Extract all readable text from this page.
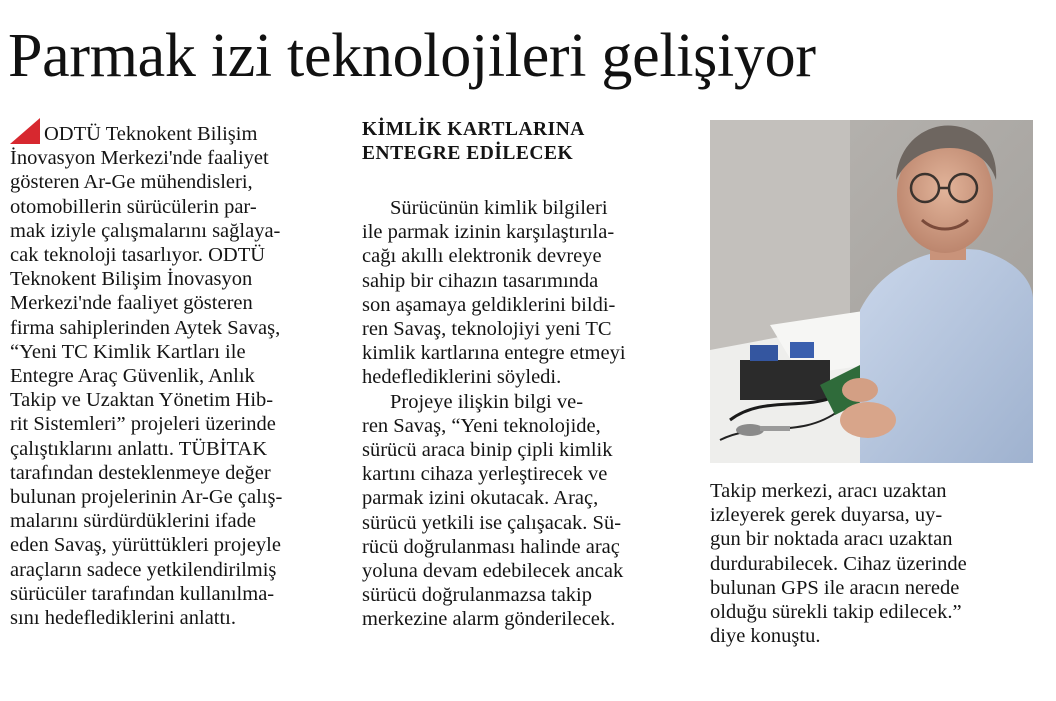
Parmak izi teknolojileri gelişiyor

ODTÜ Teknokent Bilişim
İnovasyon Merkezi'nde faaliyet
gösteren Ar-Ge mühendisleri,
otomobillerin sürücülerin par-
mak iziyle çalışmalarını sağlaya-
cak teknoloji tasarlıyor. ODTÜ
Teknokent Bilişim İnovasyon
Merkezi'nde faaliyet gösteren
firma sahiplerinden Aytek Savaş,
“Yeni TC Kimlik Kartları ile
Entegre Araç Güvenlik, Anlık
Takip ve Uzaktan Yönetim Hib-
rit Sistemleri” projeleri üzerinde
çalıştıklarını anlattı. TÜBİTAK
tarafından desteklenmeye değer
bulunan projelerinin Ar-Ge çalış-
malarını sürdürdüklerini ifade
eden Savaş, yürüttükleri projeyle
araçların sadece yetkilendirilmiş
sürücüler tarafından kullanılma-
sını hedeflediklerini anlattı.

KİMLİK KARTLARINA
ENTEGRE EDİLECEK

Sürücünün kimlik bilgileri
ile parmak izinin karşılaştırıla-
cağı akıllı elektronik devreye
sahip bir cihazın tasarımında
son aşamaya geldiklerini bildi-
ren Savaş, teknolojiyi yeni TC
kimlik kartlarına entegre etmeyi
hedeflediklerini söyledi.

Projeye ilişkin bilgi ve-
ren Savaş, “Yeni teknolojide,
sürücü araca binip çipli kimlik
kartını cihaza yerleştirecek ve
parmak izini okutacak. Araç,
sürücü yetkili ise çalışacak. Sü-
rücü doğrulanması halinde araç
yoluna devam edebilecek ancak
sürücü doğrulanmazsa takip
merkezine alarm gönderilecek.

Takip merkezi, aracı uzaktan
izleyerek gerek duyarsa, uy-
gun bir noktada aracı uzaktan
durdurabilecek. Cihaz üzerinde
bulunan GPS ile aracın nerede
olduğu sürekli takip edilecek.”
diye konuştu.
